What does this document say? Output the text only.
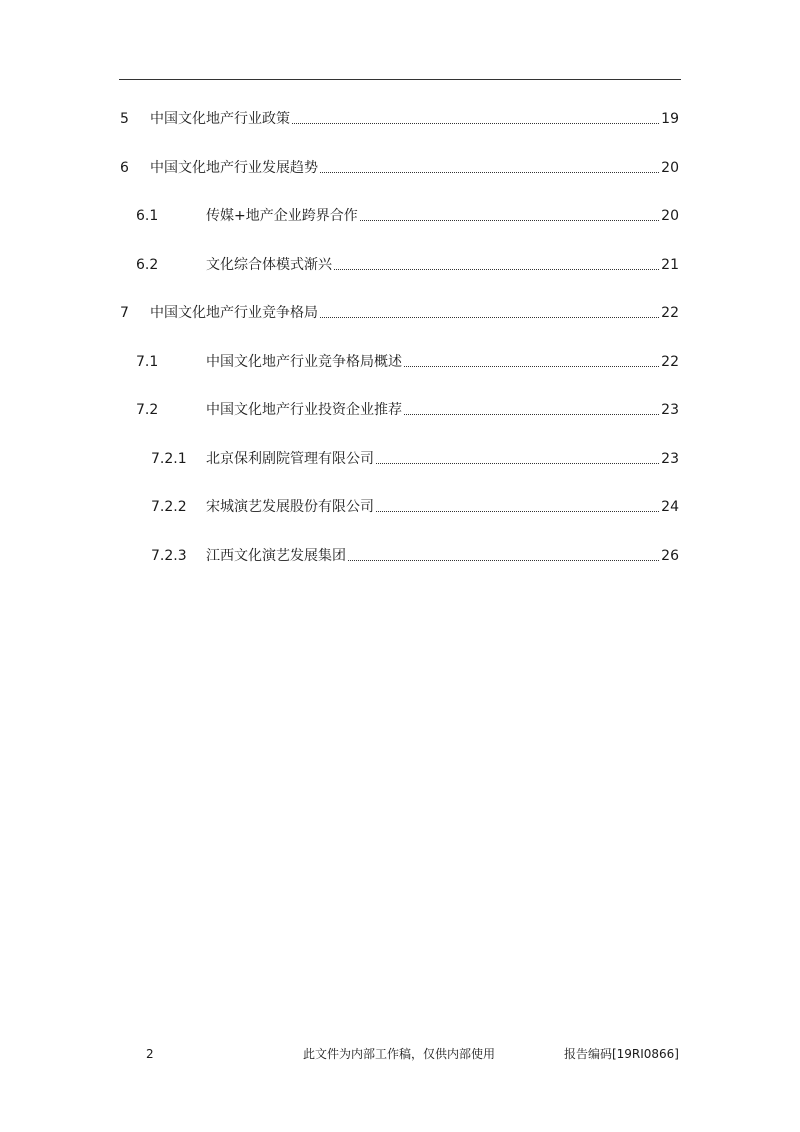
5	中国文化地产行业政策	19
6	中国文化地产行业发展趋势	20
6.1	传媒+地产企业跨界合作	20
6.2	文化综合体模式渐兴	21
7	中国文化地产行业竞争格局	22
7.1	中国文化地产行业竞争格局概述	22
7.2	中国文化地产行业投资企业推荐	23
7.2.1	北京保利剧院管理有限公司	23
7.2.2	宋城演艺发展股份有限公司	24
7.2.3	江西文化演艺发展集团	26
2	此文件为内部工作稿，仅供内部使用	报告编码[19RI0866]
